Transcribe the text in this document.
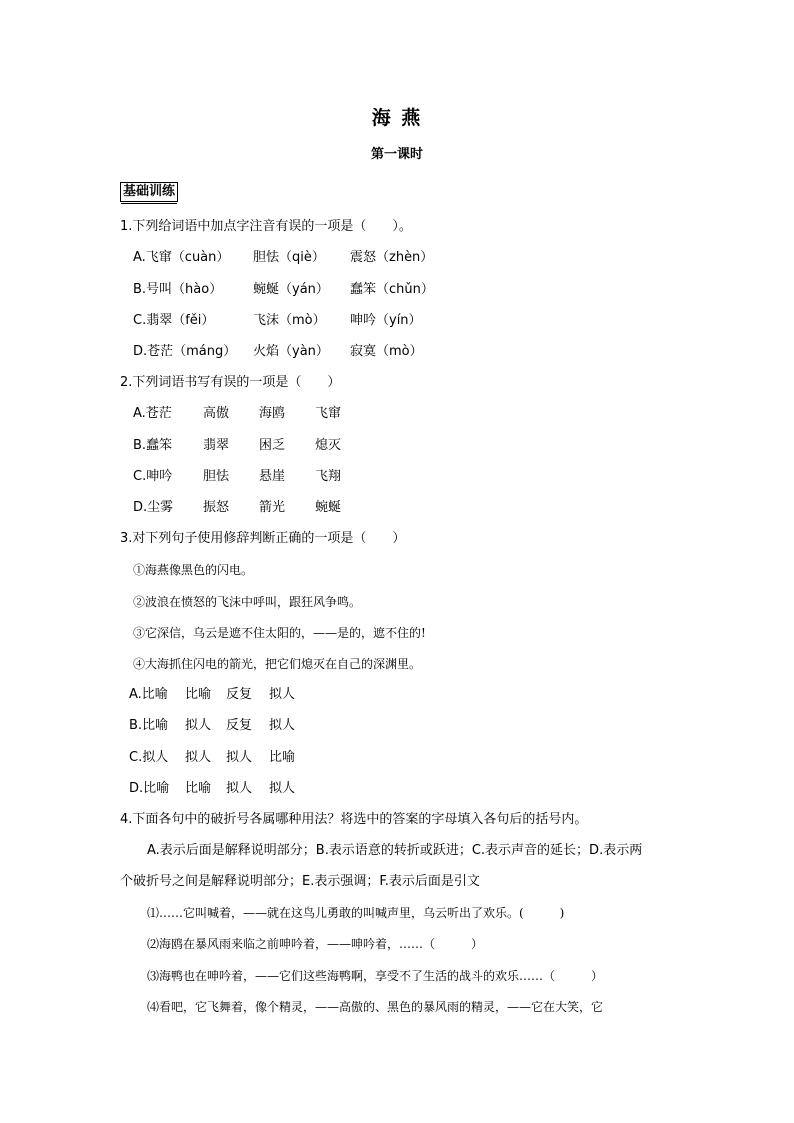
海 燕
第一课时
基础训练
1.下列给词语中加点字注音有误的一项是（　　）。
A.飞窜（cuàn） 胆怯（qiè） 震怒（zhèn）
B.号叫（hào） 蜿蜒（yán） 蠢笨（chǔn）
C.翡翠（fěi）	飞沫（mò） 呻吟（yín）
D.苍茫（máng） 火焰（yàn） 寂寞（mò）
2.下列词语书写有误的一项是（　　）
A.苍茫 高傲 海鸥 飞窜
B.蠢笨 翡翠 困乏 熄灭
C.呻吟 胆怯 悬崖 飞翔
D.尘雾 振怒 箭光 蜿蜒
3.对下列句子使用修辞判断正确的一项是（　　）
①海燕像黑色的闪电。
②波浪在愤怒的飞沫中呼叫，跟狂风争鸣。
③它深信，乌云是遮不住太阳的，——是的，遮不住的!
④大海抓住闪电的箭光，把它们熄灭在自己的深渊里。
A.比喻 比喻 反复 拟人
B.比喻 拟人 反复 拟人
C.拟人 拟人 拟人 比喻
D.比喻 比喻 拟人 拟人
4.下面各句中的破折号各属哪种用法？将选中的答案的字母填入各句后的括号内。
A.表示后面是解释说明部分；B.表示语意的转折或跃进；C.表示声音的延长；D.表示两
个破折号之间是解释说明部分；E.表示强调；F.表示后面是引文
⑴……它叫喊着，——就在这鸟儿勇敢的叫喊声里，乌云听出了欢乐。(　　　)
⑵海鸥在暴风雨来临之前呻吟着，——呻吟着，……（　　　）
⑶海鸭也在呻吟着，——它们这些海鸭啊，享受不了生活的战斗的欢乐……（　　　）
⑷看吧，它飞舞着，像个精灵，——高傲的、黑色的暴风雨的精灵，——它在大笑，它
